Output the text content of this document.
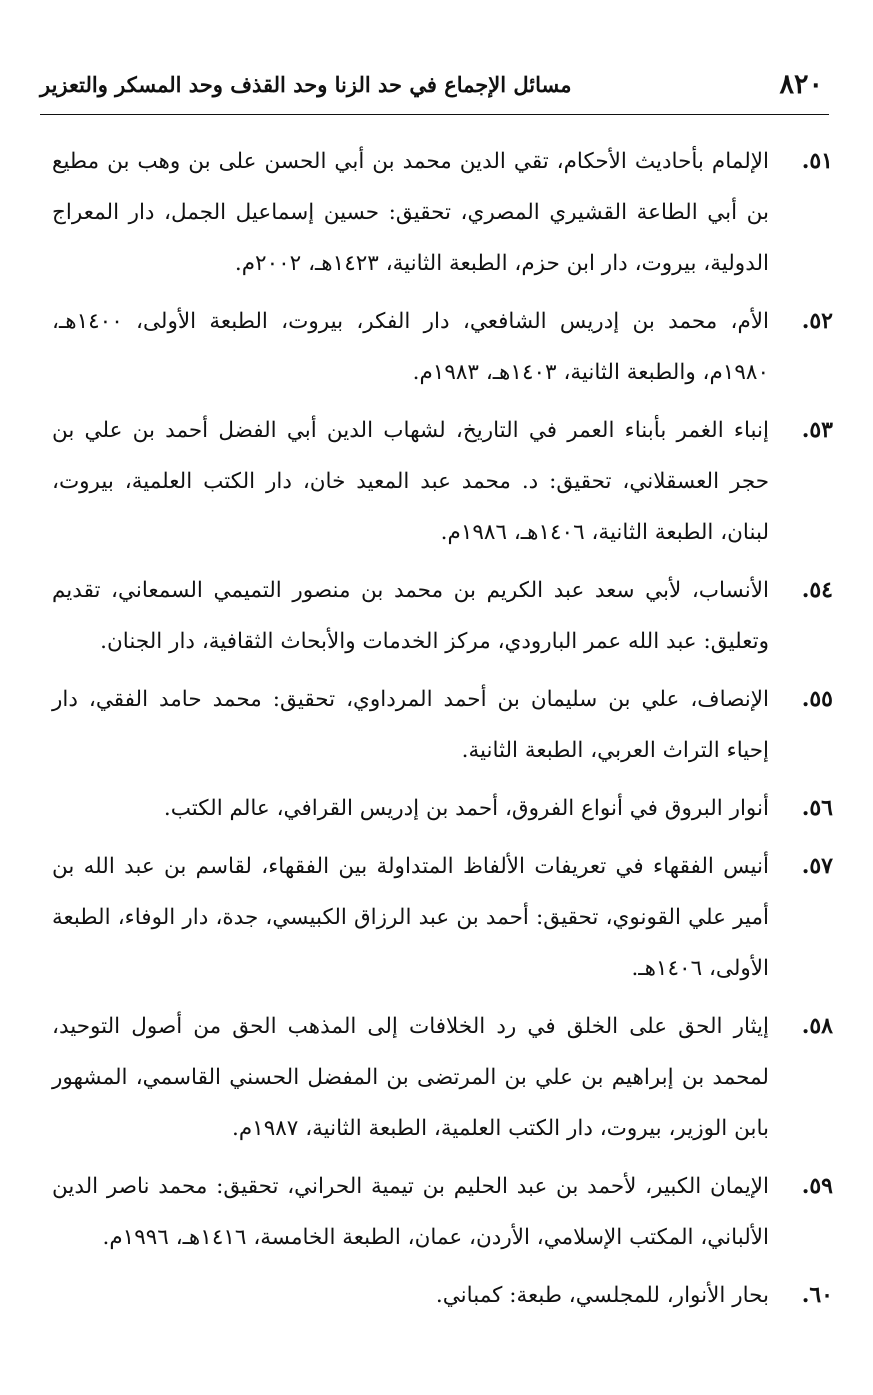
٨٢٠
مسائل الإجماع في حد الزنا وحد القذف وحد المسكر والتعزير
٥١.
الإلمام بأحاديث الأحكام، تقي الدين محمد بن أبي الحسن على بن وهب بن مطيع بن أبي الطاعة القشيري المصري، تحقيق: حسين إسماعيل الجمل، دار المعراج الدولية، بيروت، دار ابن حزم، الطبعة الثانية، ١٤٢٣هـ، ٢٠٠٢م.
٥٢.
الأم، محمد بن إدريس الشافعي، دار الفكر، بيروت، الطبعة الأولى، ١٤٠٠هـ، ١٩٨٠م، والطبعة الثانية، ١٤٠٣هـ، ١٩٨٣م.
٥٣.
إنباء الغمر بأبناء العمر في التاريخ، لشهاب الدين أبي الفضل أحمد بن علي بن حجر العسقلاني، تحقيق: د. محمد عبد المعيد خان، دار الكتب العلمية، بيروت، لبنان، الطبعة الثانية، ١٤٠٦هـ، ١٩٨٦م.
٥٤.
الأنساب، لأبي سعد عبد الكريم بن محمد بن منصور التميمي السمعاني، تقديم وتعليق: عبد الله عمر البارودي، مركز الخدمات والأبحاث الثقافية، دار الجنان.
٥٥.
الإنصاف، علي بن سليمان بن أحمد المرداوي، تحقيق: محمد حامد الفقي، دار إحياء التراث العربي، الطبعة الثانية.
٥٦.
أنوار البروق في أنواع الفروق، أحمد بن إدريس القرافي، عالم الكتب.
٥٧.
أنيس الفقهاء في تعريفات الألفاظ المتداولة بين الفقهاء، لقاسم بن عبد الله بن أمير علي القونوي، تحقيق: أحمد بن عبد الرزاق الكبيسي، جدة، دار الوفاء، الطبعة الأولى، ١٤٠٦هـ.
٥٨.
إيثار الحق على الخلق في رد الخلافات إلى المذهب الحق من أصول التوحيد، لمحمد بن إبراهيم بن علي بن المرتضى بن المفضل الحسني القاسمي، المشهور بابن الوزير، بيروت، دار الكتب العلمية، الطبعة الثانية، ١٩٨٧م.
٥٩.
الإيمان الكبير، لأحمد بن عبد الحليم بن تيمية الحراني، تحقيق: محمد ناصر الدين الألباني، المكتب الإسلامي، الأردن، عمان، الطبعة الخامسة، ١٤١٦هـ، ١٩٩٦م.
٦٠.
بحار الأنوار، للمجلسي، طبعة: كمباني.
